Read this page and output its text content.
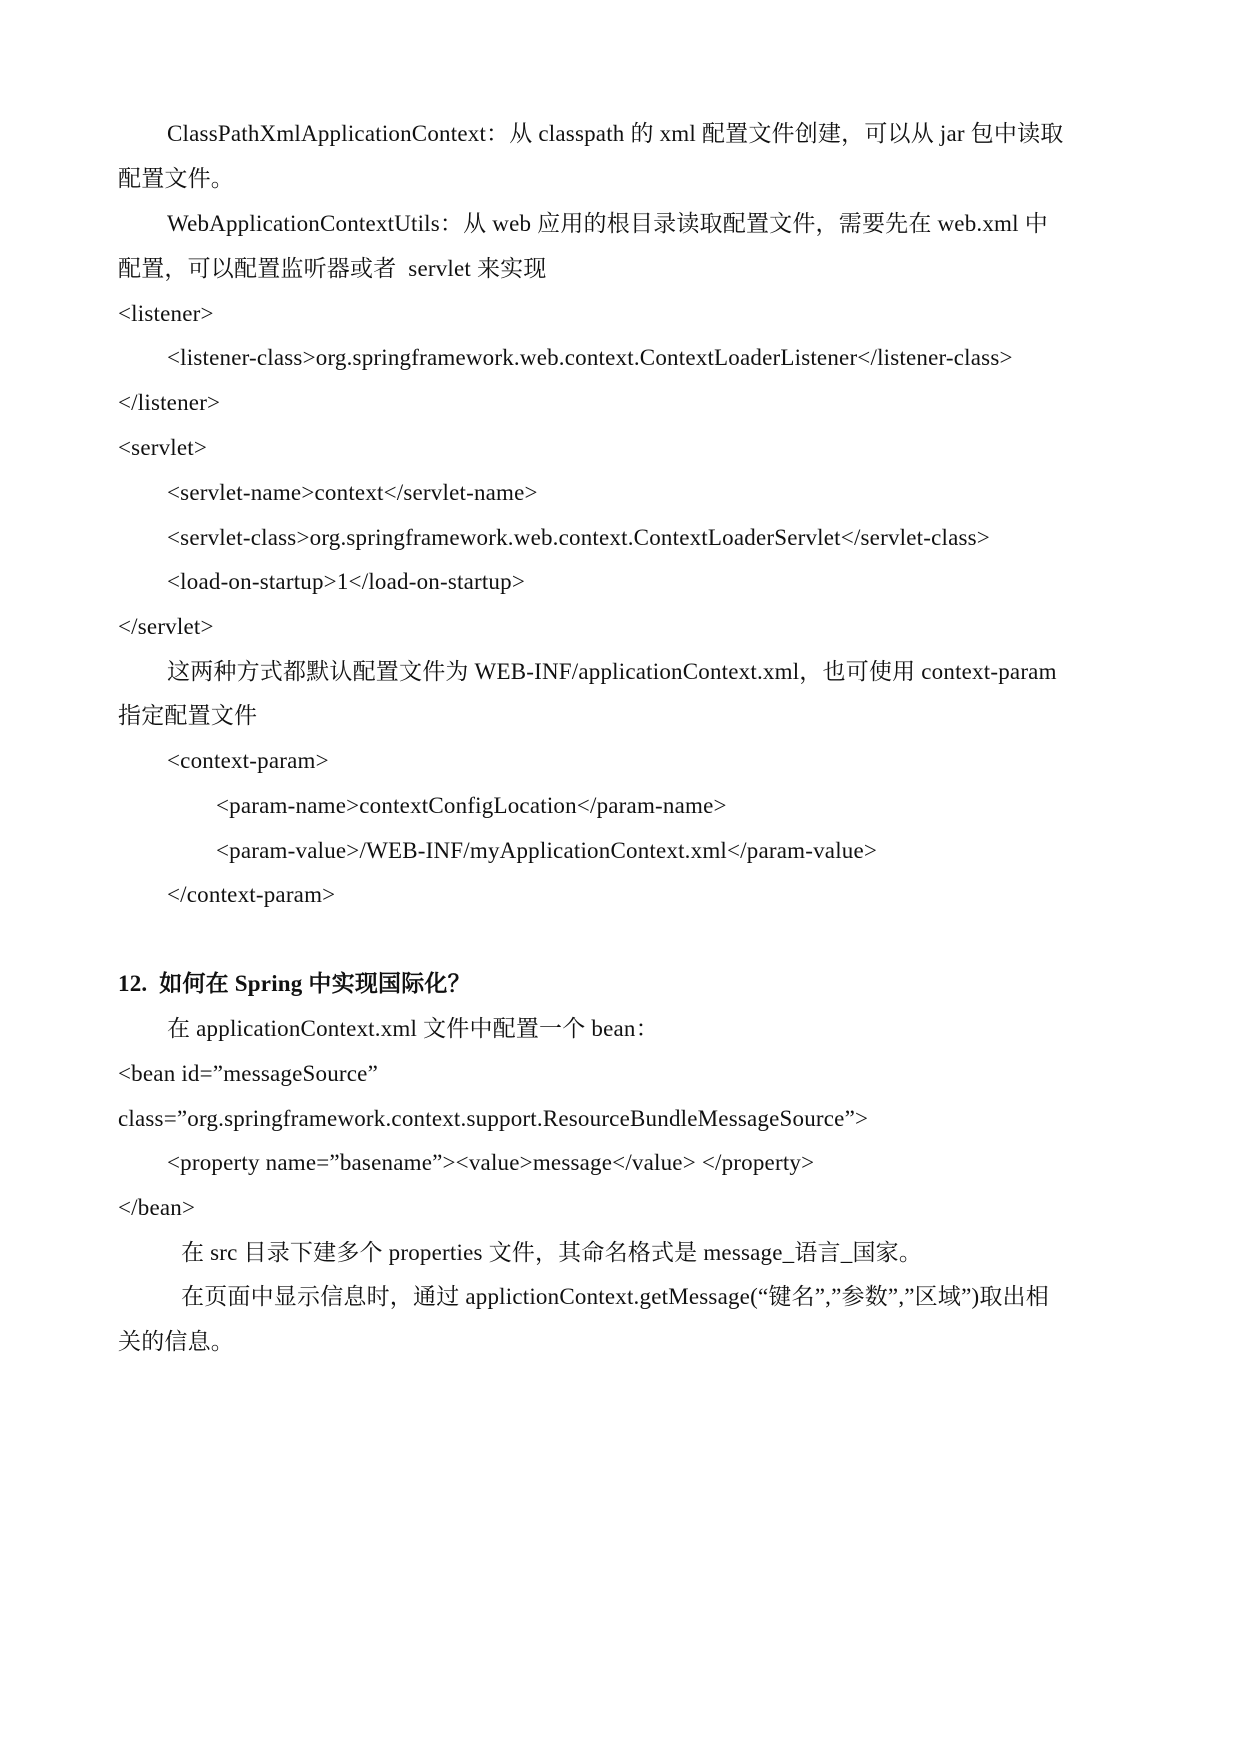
ClassPathXmlApplicationContext：从 classpath 的 xml 配置文件创建，可以从 jar 包中读取
配置文件。
WebApplicationContextUtils：从 web 应用的根目录读取配置文件，需要先在 web.xml 中
配置，可以配置监听器或者  servlet 来实现
<listener>
<listener-class>org.springframework.web.context.ContextLoaderListener</listener-class>
</listener>
<servlet>
<servlet-name>context</servlet-name>
<servlet-class>org.springframework.web.context.ContextLoaderServlet</servlet-class>
<load-on-startup>1</load-on-startup>
</servlet>
这两种方式都默认配置文件为 WEB-INF/applicationContext.xml，也可使用 context-param
指定配置文件
<context-param>
<param-name>contextConfigLocation</param-name>
<param-value>/WEB-INF/myApplicationContext.xml</param-value>
</context-param>
12.  如何在 Spring 中实现国际化？
在 applicationContext.xml 文件中配置一个 bean：
<bean id=”messageSource”
class=”org.springframework.context.support.ResourceBundleMessageSource”>
<property name=”basename”><value>message</value> </property>
</bean>
在 src 目录下建多个 properties 文件，其命名格式是 message_语言_国家。
在页面中显示信息时，通过 applictionContext.getMessage(“键名”,”参数”,”区域”)取出相
关的信息。
